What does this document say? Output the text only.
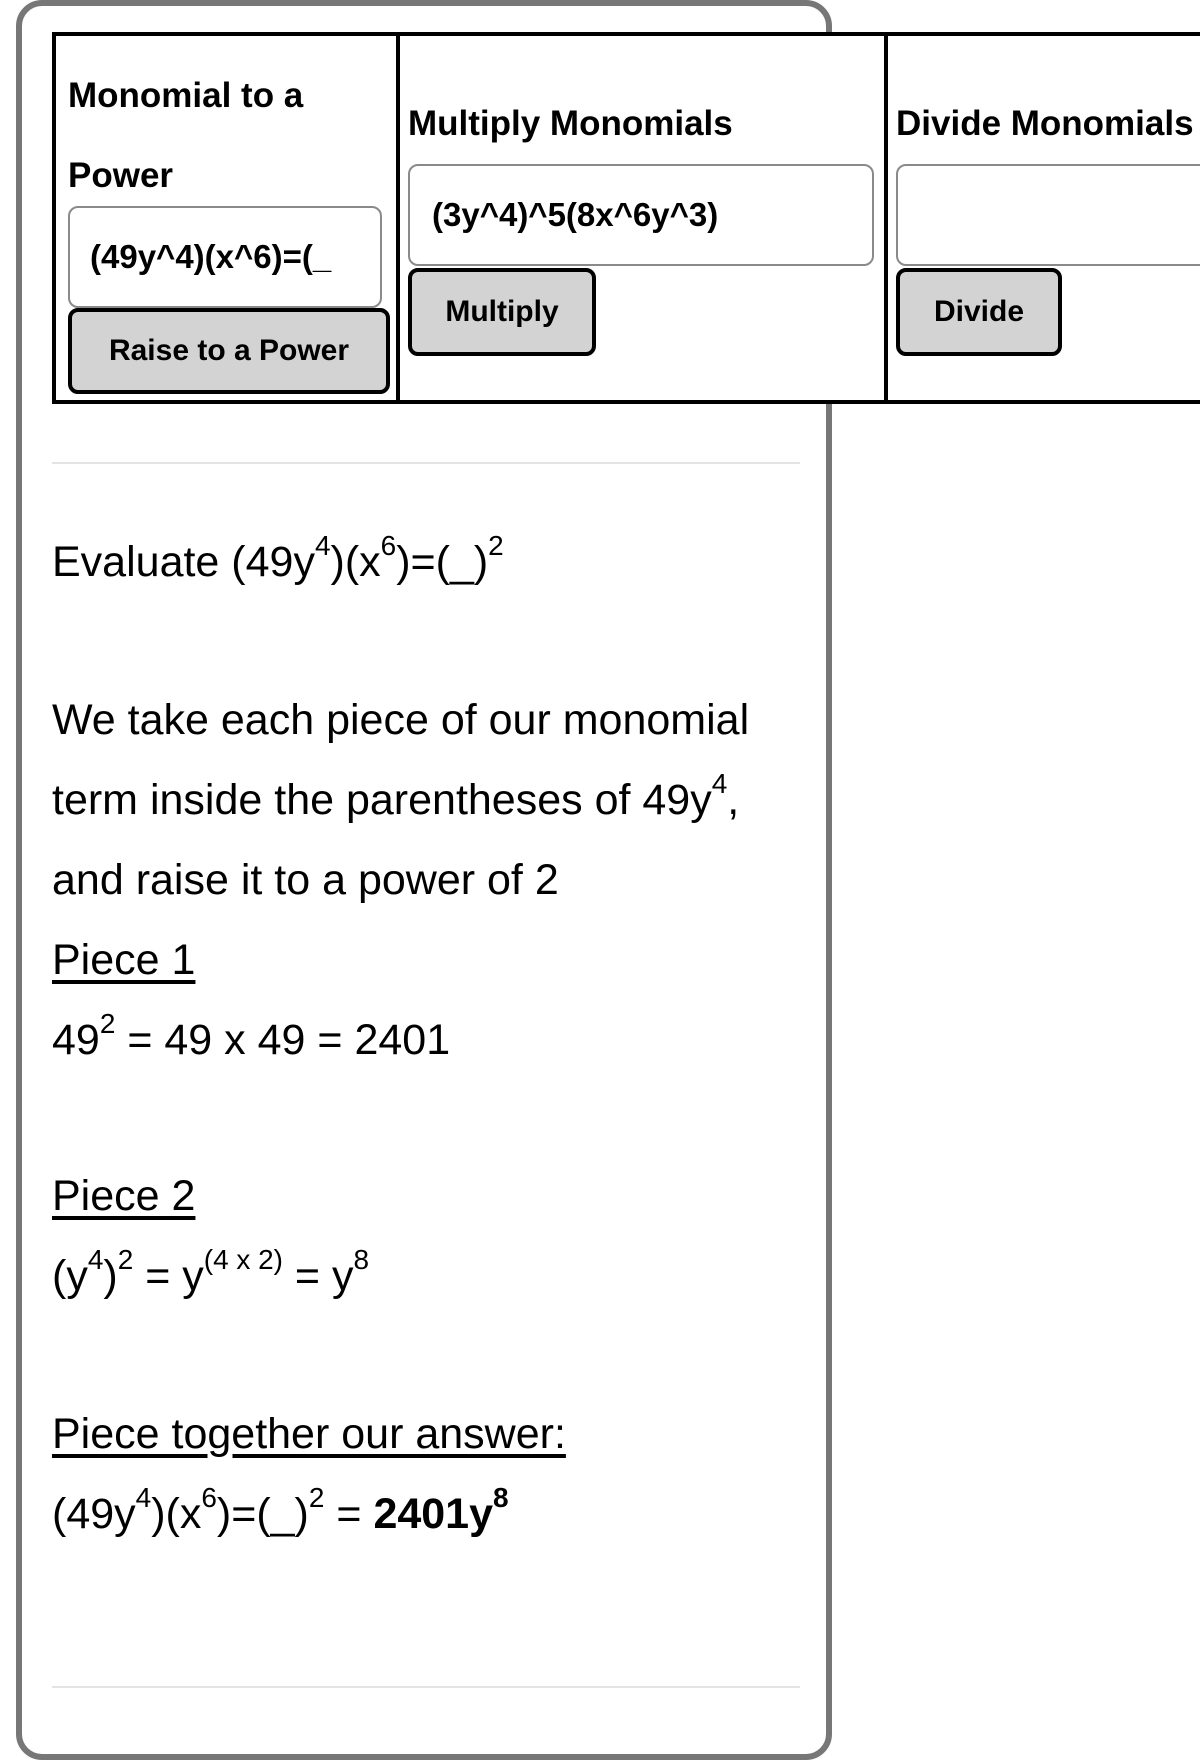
Monomial to a
Power
(49y^4)(x^6)=(_
Raise to a Power

Multiply Monomials
(3y^4)^5(8x^6y^3)
Multiply

Divide Monomials
Divide
Evaluate $(49y^4)(x^6)=(\_)^2$
We take each piece of our monomial
term inside the parentheses of $49y^4$,
and raise it to a power of 2
Piece 1
$49^2 = 49$ x 49 = 2401
Piece 2
$(y^4)^2 = y^{(4 x 2)} = y^8$
Piece together our answer:
$(49y^4)(x^6)=(\_)^2 = 2401y^8$
